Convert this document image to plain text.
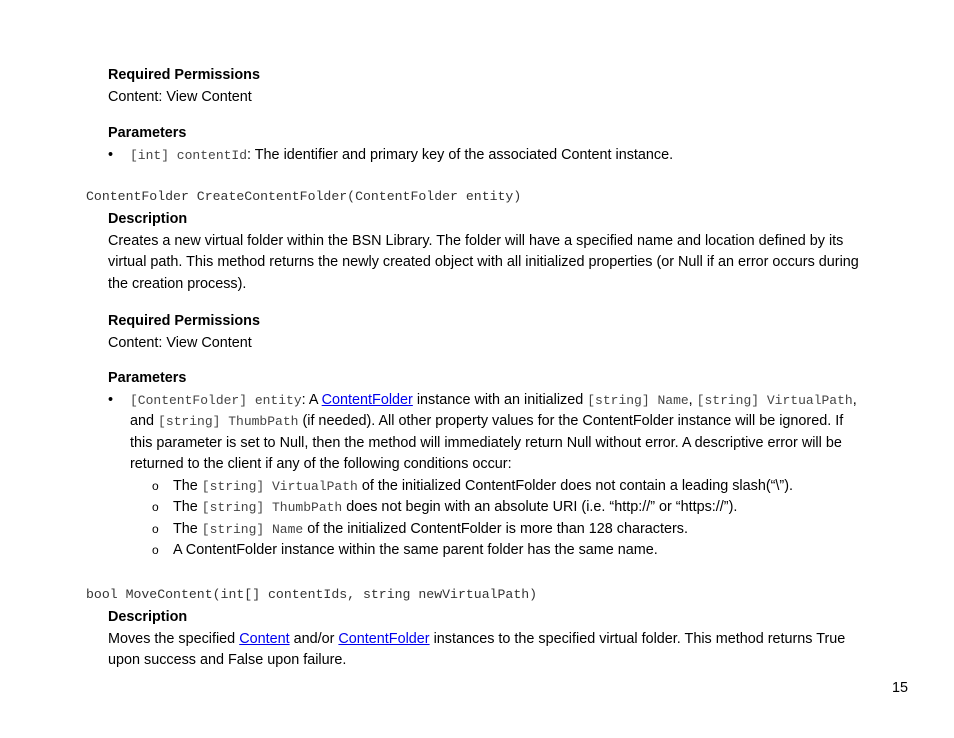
Required Permissions
Content: View Content
Parameters
• [int] contentId: The identifier and primary key of the associated Content instance.
ContentFolder CreateContentFolder(ContentFolder entity)
Description
Creates a new virtual folder within the BSN Library. The folder will have a specified name and location defined by its virtual path. This method returns the newly created object with all initialized properties (or Null if an error occurs during the creation process).
Required Permissions
Content: View Content
Parameters
• [ContentFolder] entity: A ContentFolder instance with an initialized [string] Name, [string] VirtualPath, and [string] ThumbPath (if needed). All other property values for the ContentFolder instance will be ignored. If this parameter is set to Null, then the method will immediately return Null without error. A descriptive error will be returned to the client if any of the following conditions occur:
o The [string] VirtualPath of the initialized ContentFolder does not contain a leading slash(“\”).
o The [string] ThumbPath does not begin with an absolute URI (i.e. “http://” or “https://”).
o The [string] Name of the initialized ContentFolder is more than 128 characters.
o A ContentFolder instance within the same parent folder has the same name.
bool MoveContent(int[] contentIds, string newVirtualPath)
Description
Moves the specified Content and/or ContentFolder instances to the specified virtual folder. This method returns True upon success and False upon failure.
15
